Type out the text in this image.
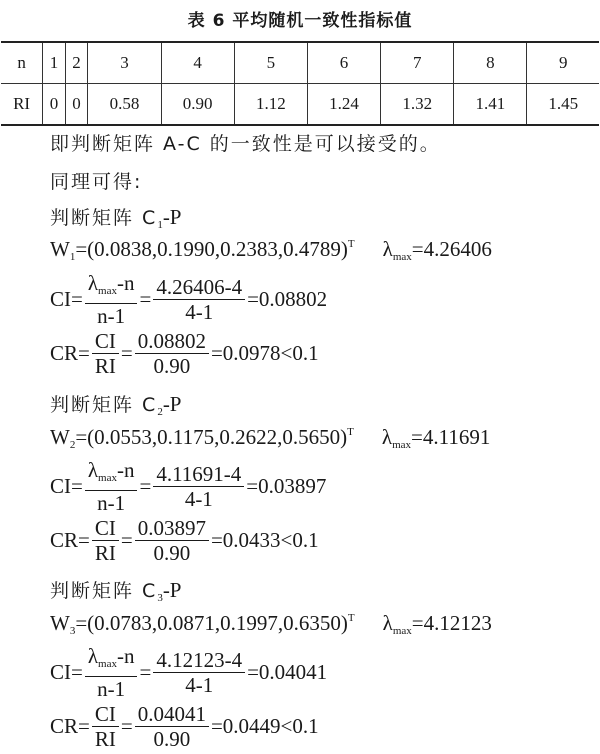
表 6 平均随机一致性指标值
n	1	2	3	4	5	6	7	8	9
RI	0	0	0.58	0.90	1.12	1.24	1.32	1.41	1.45
即判断矩阵 A-C 的一致性是可以接受的。
同理可得:
判断矩阵 $C_1-P$
$W_1=(0.0838,0.1990,0.2383,0.4789)^T$ $\lambda_{max}=4.26406$
$CI= \frac{\lambda_{max}-n}{n-1} = \frac{4.26406-4}{4-1} =0.08802$
$CR= \frac{CI}{RI} = \frac{0.08802}{0.90} =0.0978<0.1$
判断矩阵 $C_2-P$
$W_2=(0.0553,0.1175,0.2622,0.5650)^T$ $\lambda_{max}=4.11691$
$CI= \frac{\lambda_{max}-n}{n-1} = \frac{4.11691-4}{4-1} =0.03897$
$CR= \frac{CI}{RI} = \frac{0.03897}{0.90} =0.0433<0.1$
判断矩阵 $C_3-P$
$W_3=(0.0783,0.0871,0.1997,0.6350)^T$ $\lambda_{max}=4.12123$
$CI= \frac{\lambda_{max}-n}{n-1} = \frac{4.12123-4}{4-1} =0.04041$
$CR= \frac{CI}{RI} = \frac{0.04041}{0.90} =0.0449<0.1$
